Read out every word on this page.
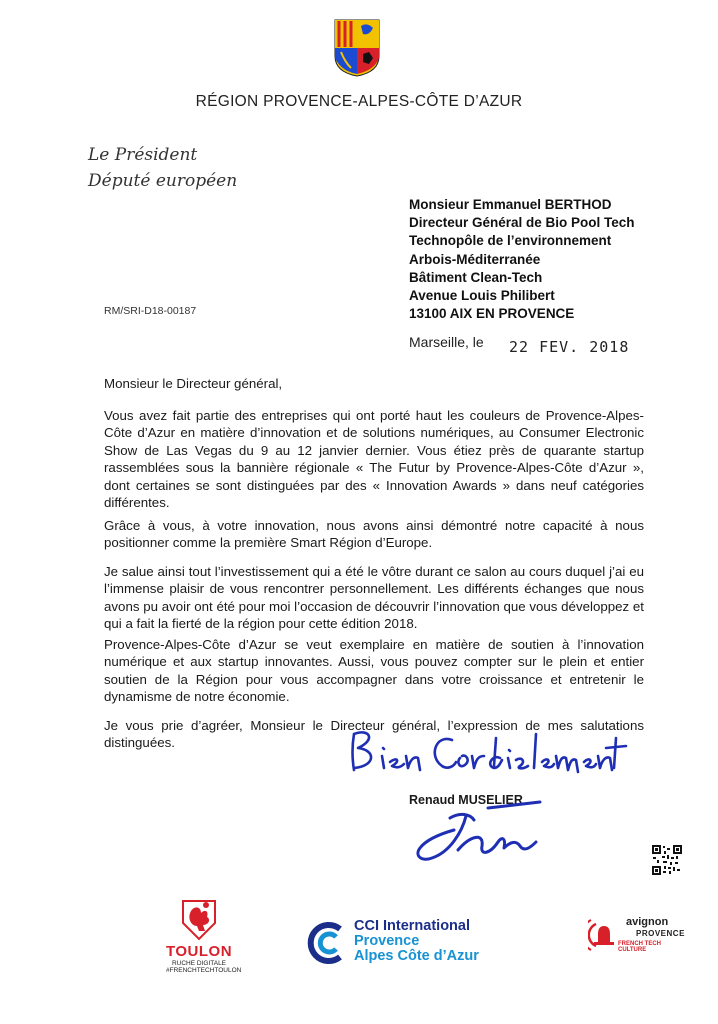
RÉGION PROVENCE-ALPES-CÔTE D’AZUR
Le Président
Député européen
Monsieur Emmanuel BERTHOD
Directeur Général de Bio Pool Tech
Technopôle de l’environnement
Arbois-Méditerranée
Bâtiment Clean-Tech
Avenue Louis Philibert
13100 AIX EN PROVENCE
RM/SRI-D18-00187
Marseille, le 22 FEV. 2018
Monsieur le Directeur général,
Vous avez fait partie des entreprises qui ont porté haut les couleurs de Provence-Alpes-Côte d’Azur en matière d’innovation et de solutions numériques, au Consumer Electronic Show de Las Vegas du 9 au 12 janvier dernier. Vous étiez près de quarante startup rassemblées sous la bannière régionale « The Futur by Provence-Alpes-Côte d’Azur », dont certaines se sont distinguées par des « Innovation Awards » dans neuf catégories différentes.
Grâce à vous, à votre innovation, nous avons ainsi démontré notre capacité à nous positionner comme la première Smart Région d’Europe.
Je salue ainsi tout l’investissement qui a été le vôtre durant ce salon au cours duquel j’ai eu l’immense plaisir de vous rencontrer personnellement. Les différents échanges que nous avons pu avoir ont été pour moi l’occasion de découvrir l’innovation que vous développez et qui a fait la fierté de la région pour cette édition 2018.
Provence-Alpes-Côte d’Azur se veut exemplaire en matière de soutien à l’innovation numérique et aux startup innovantes. Aussi, vous pouvez compter sur le plein et entier soutien de la Région pour vous accompagner dans votre croissance et entretenir le dynamisme de notre économie.
Je vous prie d’agréer, Monsieur le Directeur général, l’expression de mes salutations distinguées.
Renaud MUSELIER
TOULON
RUCHE DIGITALE
#FRENCHTECHTOULON
CCI International
Provence
Alpes Côte d’Azur
avignon
PROVENCE
FRENCH TECH CULTURE
